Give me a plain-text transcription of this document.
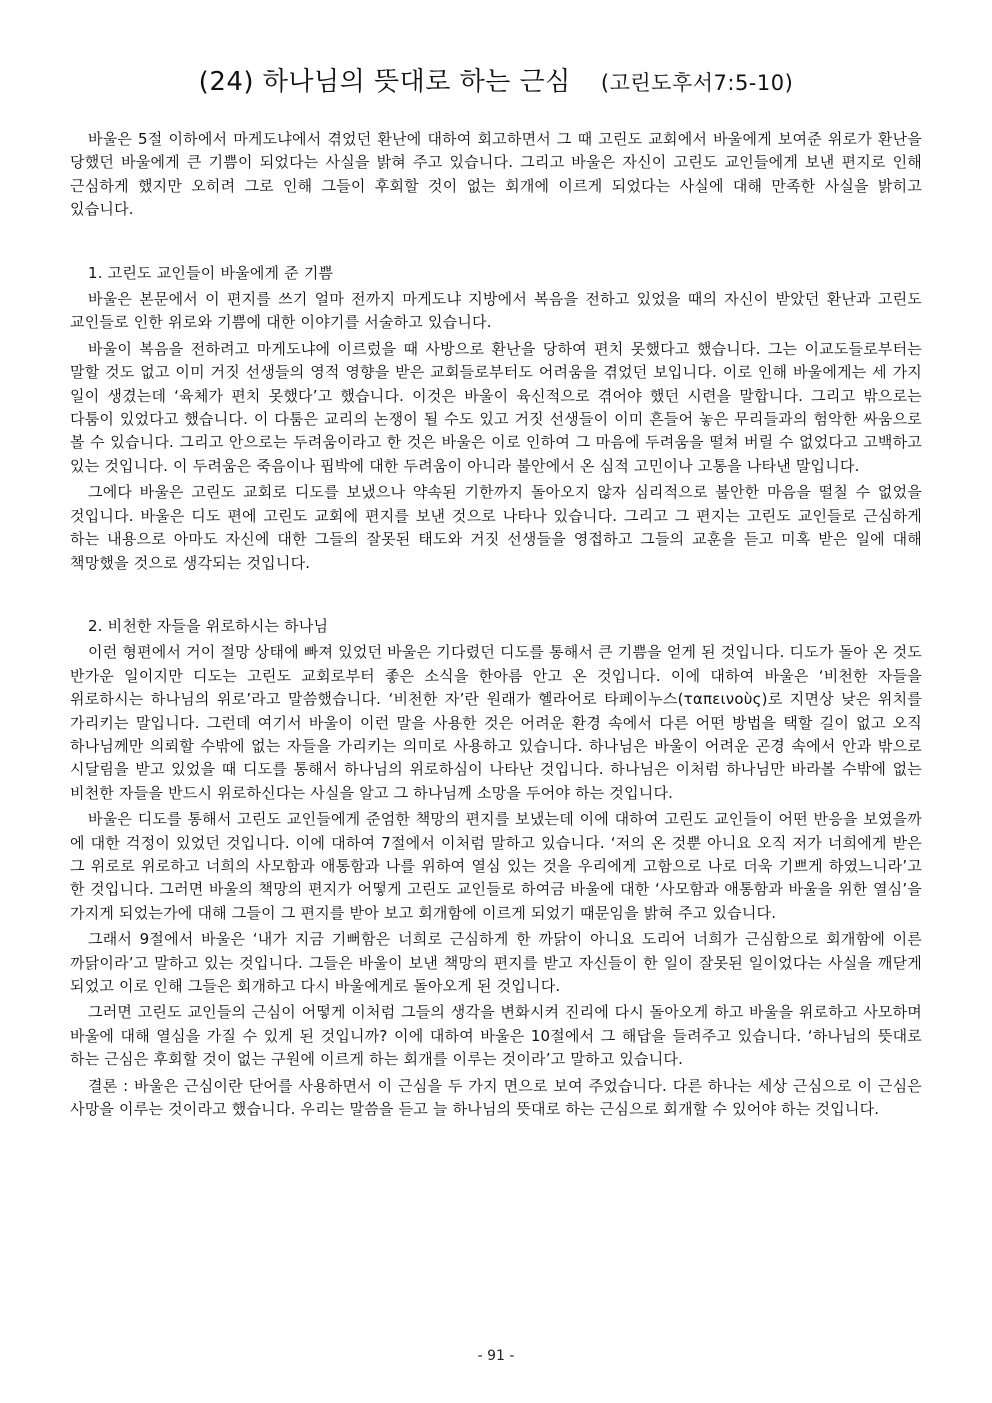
(24) 하나님의 뜻대로 하는 근심 (고린도후서7:5-10)

바울은 5절 이하에서 마게도냐에서 겪었던 환난에 대하여 회고하면서 그 때 고린도 교회에서 바울에게 보여준 위로가 환난을 당했던 바울에게 큰 기쁨이 되었다는 사실을 밝혀 주고 있습니다. 그리고 바울은 자신이 고린도 교인들에게 보낸 편지로 인해 근심하게 했지만 오히려 그로 인해 그들이 후회할 것이 없는 회개에 이르게 되었다는 사실에 대해 만족한 사실을 밝히고 있습니다.

1. 고린도 교인들이 바울에게 준 기쁨

바울은 본문에서 이 편지를 쓰기 얼마 전까지 마게도냐 지방에서 복음을 전하고 있었을 때의 자신이 받았던 환난과 고린도 교인들로 인한 위로와 기쁨에 대한 이야기를 서술하고 있습니다.

바울이 복음을 전하려고 마게도냐에 이르렀을 때 사방으로 환난을 당하여 편치 못했다고 했습니다. 그는 이교도들로부터는 말할 것도 없고 이미 거짓 선생들의 영적 영향을 받은 교회들로부터도 어려움을 겪었던 보입니다. 이로 인해 바울에게는 세 가지 일이 생겼는데 ‘육체가 편치 못했다’고 했습니다. 이것은 바울이 육신적으로 겪어야 했던 시련을 말합니다. 그리고 밖으로는 다툼이 있었다고 했습니다. 이 다툼은 교리의 논쟁이 될 수도 있고 거짓 선생들이 이미 흔들어 놓은 무리들과의 험악한 싸움으로 볼 수 있습니다. 그리고 안으로는 두려움이라고 한 것은 바울은 이로 인하여 그 마음에 두려움을 떨쳐 버릴 수 없었다고 고백하고 있는 것입니다. 이 두려움은 죽음이나 핍박에 대한 두려움이 아니라 불안에서 온 심적 고민이나 고통을 나타낸 말입니다.

그에다 바울은 고린도 교회로 디도를 보냈으나 약속된 기한까지 돌아오지 않자 심리적으로 불안한 마음을 떨칠 수 없었을 것입니다. 바울은 디도 편에 고린도 교회에 편지를 보낸 것으로 나타나 있습니다. 그리고 그 편지는 고린도 교인들로 근심하게 하는 내용으로 아마도 자신에 대한 그들의 잘못된 태도와 거짓 선생들을 영접하고 그들의 교훈을 듣고 미혹 받은 일에 대해 책망했을 것으로 생각되는 것입니다.

2. 비천한 자들을 위로하시는 하나님

이런 형편에서 거이 절망 상태에 빠져 있었던 바울은 기다렸던 디도를 통해서 큰 기쁨을 얻게 된 것입니다. 디도가 돌아 온 것도 반가운 일이지만 디도는 고린도 교회로부터 좋은 소식을 한아름 안고 온 것입니다. 이에 대하여 바울은 ‘비천한 자들을 위로하시는 하나님의 위로’라고 말씀했습니다. ‘비천한 자’란 원래가 헬라어로 타페이누스(ταπεινοὺς)로 지면상 낮은 위치를 가리키는 말입니다. 그런데 여기서 바울이 이런 말을 사용한 것은 어려운 환경 속에서 다른 어떤 방법을 택할 길이 없고 오직 하나님께만 의뢰할 수밖에 없는 자들을 가리키는 의미로 사용하고 있습니다. 하나님은 바울이 어려운 곤경 속에서 안과 밖으로 시달림을 받고 있었을 때 디도를 통해서 하나님의 위로하심이 나타난 것입니다. 하나님은 이처럼 하나님만 바라볼 수밖에 없는 비천한 자들을 반드시 위로하신다는 사실을 알고 그 하나님께 소망을 두어야 하는 것입니다.

바울은 디도를 통해서 고린도 교인들에게 준엄한 책망의 편지를 보냈는데 이에 대하여 고린도 교인들이 어떤 반응을 보였을까 에 대한 걱정이 있었던 것입니다. 이에 대하여 7절에서 이처럼 말하고 있습니다. ‘저의 온 것뿐 아니요 오직 저가 너희에게 받은 그 위로로 위로하고 너희의 사모함과 애통함과 나를 위하여 열심 있는 것을 우리에게 고함으로 나로 더욱 기쁘게 하였느니라’고 한 것입니다. 그러면 바울의 책망의 편지가 어떻게 고린도 교인들로 하여금 바울에 대한 ‘사모함과 애통함과 바울을 위한 열심’을 가지게 되었는가에 대해 그들이 그 편지를 받아 보고 회개함에 이르게 되었기 때문임을 밝혀 주고 있습니다.

그래서 9절에서 바울은 ‘내가 지금 기뻐함은 너희로 근심하게 한 까닭이 아니요 도리어 너희가 근심함으로 회개함에 이른 까닭이라’고 말하고 있는 것입니다. 그들은 바울이 보낸 책망의 편지를 받고 자신들이 한 일이 잘못된 일이었다는 사실을 깨닫게 되었고 이로 인해 그들은 회개하고 다시 바울에게로 돌아오게 된 것입니다.

그러면 고린도 교인들의 근심이 어떻게 이처럼 그들의 생각을 변화시켜 진리에 다시 돌아오게 하고 바울을 위로하고 사모하며 바울에 대해 열심을 가질 수 있게 된 것입니까? 이에 대하여 바울은 10절에서 그 해답을 들려주고 있습니다. ‘하나님의 뜻대로 하는 근심은 후회할 것이 없는 구원에 이르게 하는 회개를 이루는 것이라’고 말하고 있습니다.

결론 : 바울은 근심이란 단어를 사용하면서 이 근심을 두 가지 면으로 보여 주었습니다. 다른 하나는 세상 근심으로 이 근심은 사망을 이루는 것이라고 했습니다. 우리는 말씀을 듣고 늘 하나님의 뜻대로 하는 근심으로 회개할 수 있어야 하는 것입니다.

- 91 -
